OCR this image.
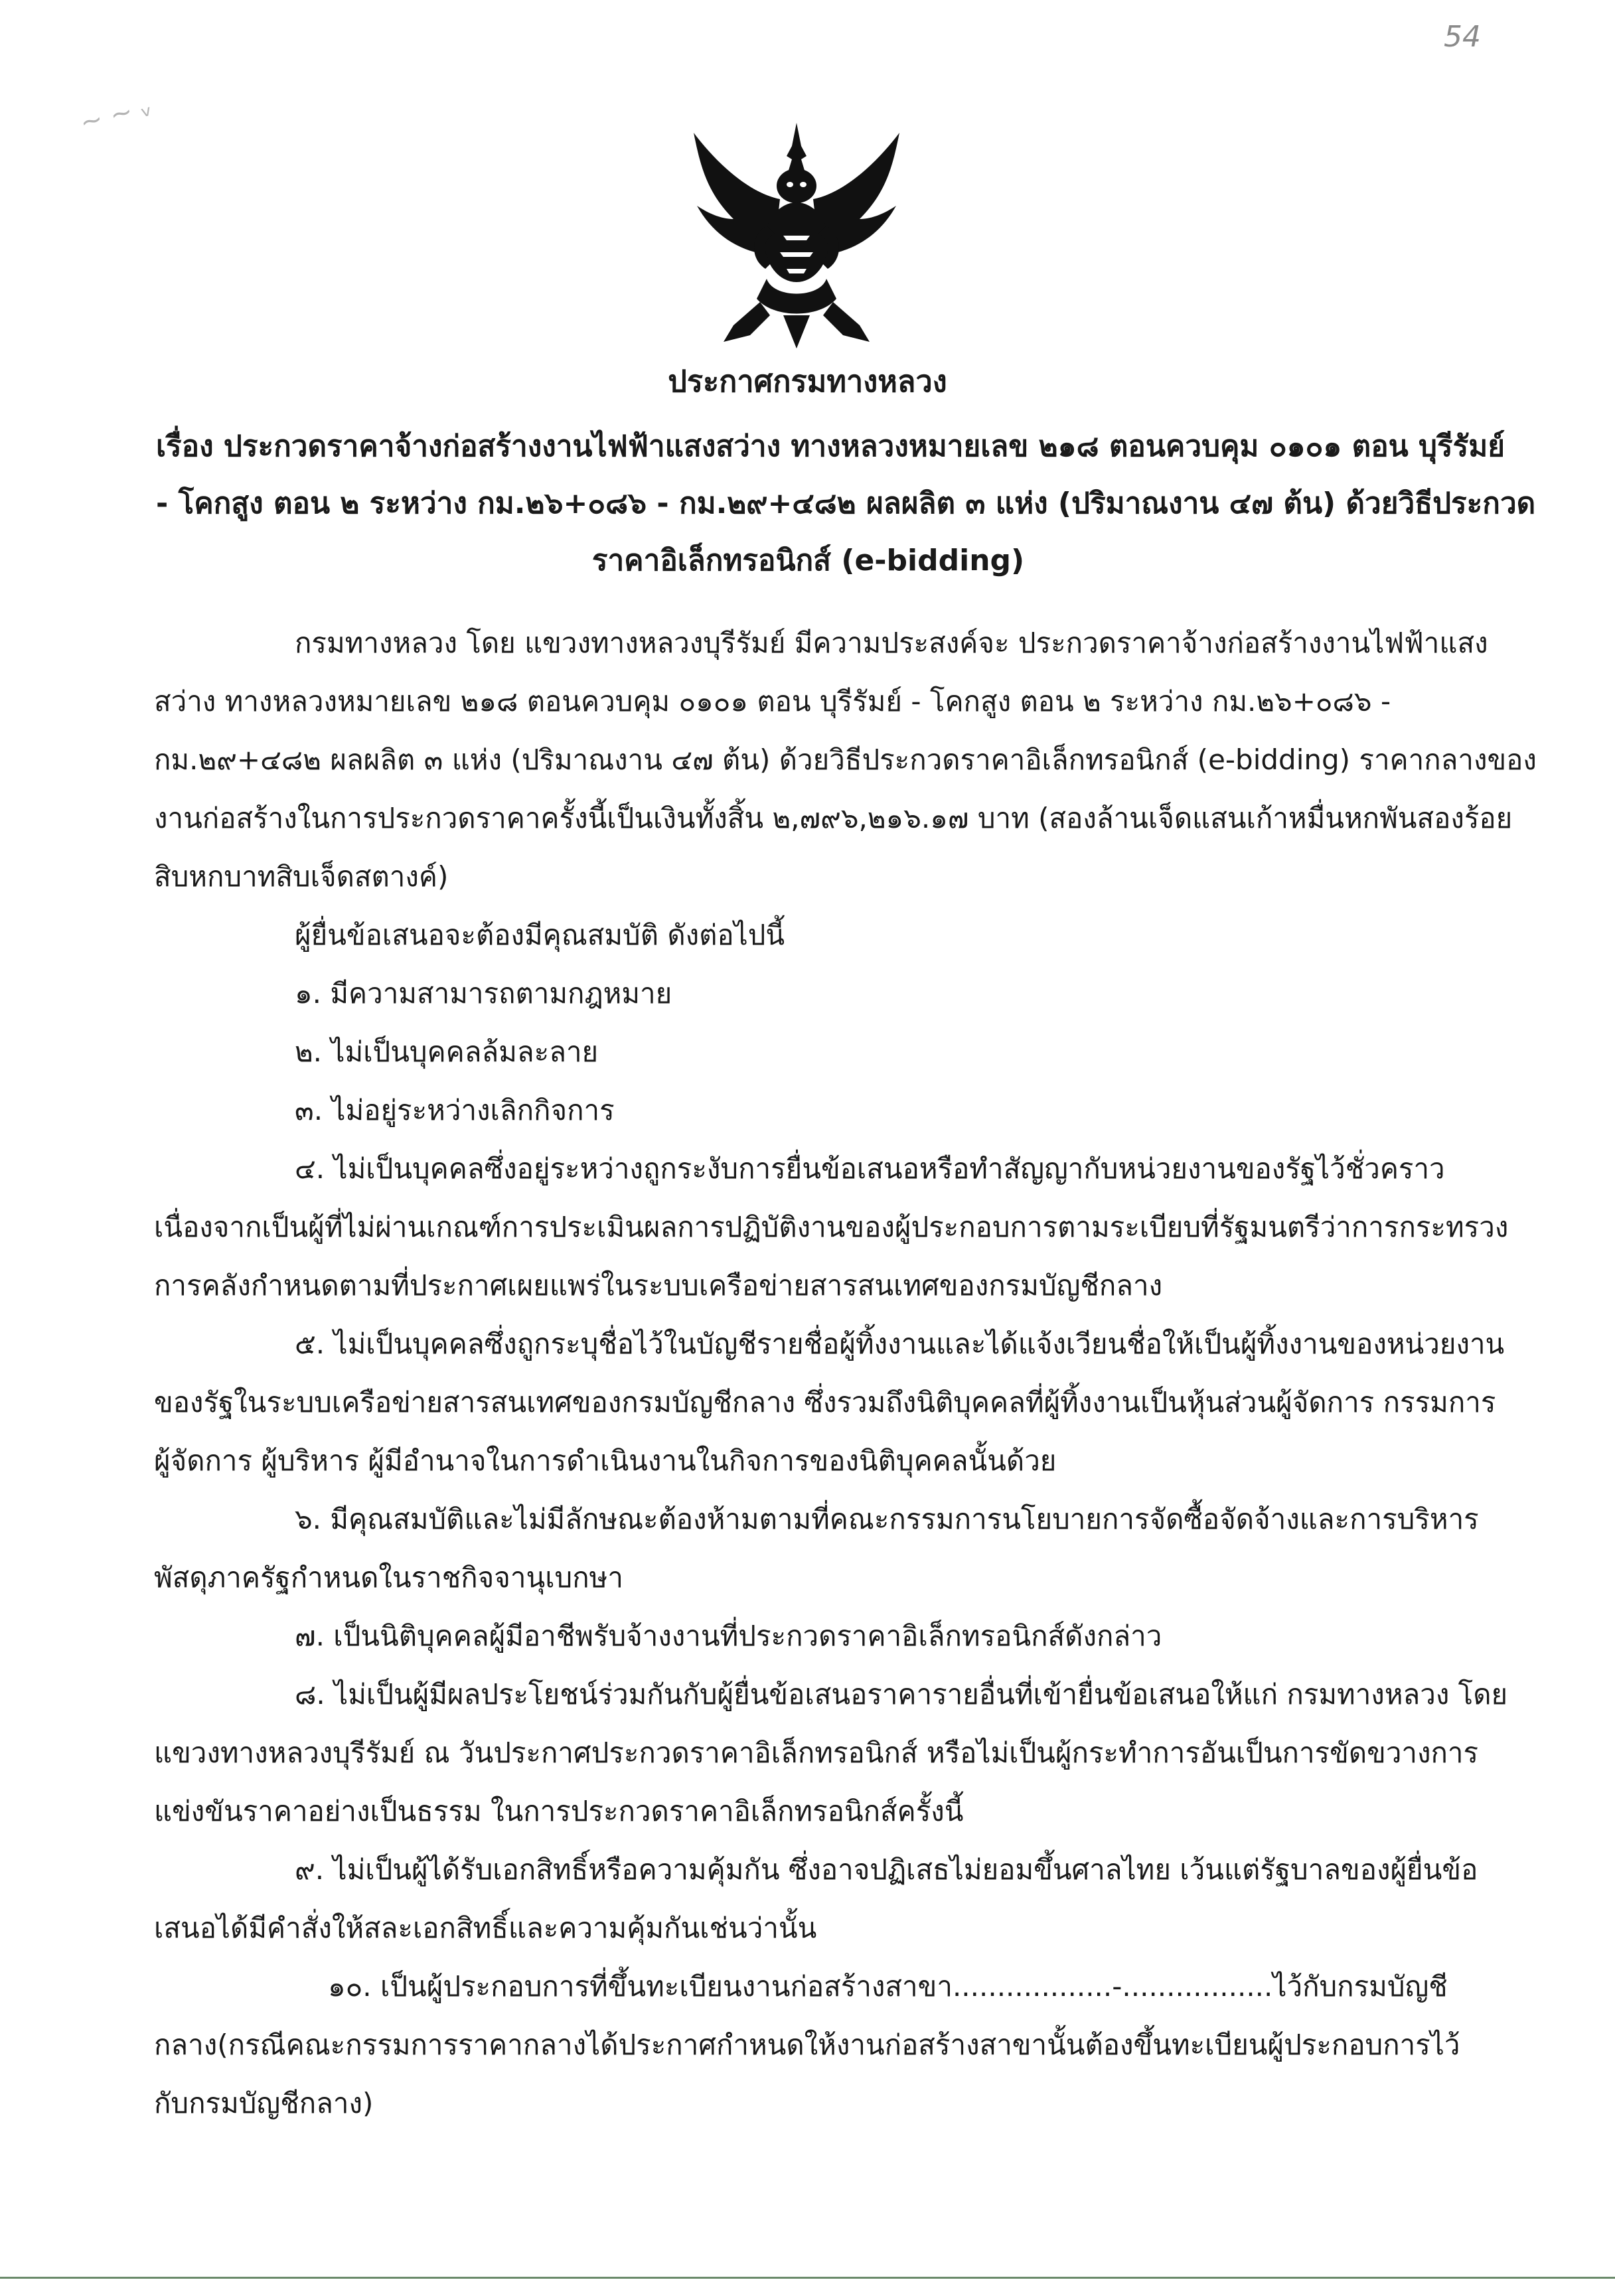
54
~ ~ ᵥ
ประกาศกรมทางหลวง
เรื่อง ประกวดราคาจ้างก่อสร้างงานไฟฟ้าแสงสว่าง ทางหลวงหมายเลข ๒๑๘ ตอนควบคุม ๐๑๐๑ ตอน บุรีรัมย์
- โคกสูง ตอน ๒ ระหว่าง กม.๒๖+๐๘๖ - กม.๒๙+๔๘๒ ผลผลิต ๓ แห่ง (ปริมาณงาน ๔๗ ต้น) ด้วยวิธีประกวด
ราคาอิเล็กทรอนิกส์ (e-bidding)
กรมทางหลวง โดย แขวงทางหลวงบุรีรัมย์ มีความประสงค์จะ ประกวดราคาจ้างก่อสร้างงานไฟฟ้าแสง
สว่าง ทางหลวงหมายเลข ๒๑๘ ตอนควบคุม ๐๑๐๑ ตอน บุรีรัมย์ - โคกสูง ตอน ๒ ระหว่าง กม.๒๖+๐๘๖ -
กม.๒๙+๔๘๒ ผลผลิต ๓ แห่ง (ปริมาณงาน ๔๗ ต้น) ด้วยวิธีประกวดราคาอิเล็กทรอนิกส์ (e-bidding) ราคากลางของ
งานก่อสร้างในการประกวดราคาครั้งนี้เป็นเงินทั้งสิ้น ๒,๗๙๖,๒๑๖.๑๗ บาท (สองล้านเจ็ดแสนเก้าหมื่นหกพันสองร้อย
สิบหกบาทสิบเจ็ดสตางค์)
ผู้ยื่นข้อเสนอจะต้องมีคุณสมบัติ ดังต่อไปนี้
๑. มีความสามารถตามกฎหมาย
๒. ไม่เป็นบุคคลล้มละลาย
๓. ไม่อยู่ระหว่างเลิกกิจการ
๔. ไม่เป็นบุคคลซึ่งอยู่ระหว่างถูกระงับการยื่นข้อเสนอหรือทำสัญญากับหน่วยงานของรัฐไว้ชั่วคราว
เนื่องจากเป็นผู้ที่ไม่ผ่านเกณฑ์การประเมินผลการปฏิบัติงานของผู้ประกอบการตามระเบียบที่รัฐมนตรีว่าการกระทรวง
การคลังกำหนดตามที่ประกาศเผยแพร่ในระบบเครือข่ายสารสนเทศของกรมบัญชีกลาง
๕. ไม่เป็นบุคคลซึ่งถูกระบุชื่อไว้ในบัญชีรายชื่อผู้ทิ้งงานและได้แจ้งเวียนชื่อให้เป็นผู้ทิ้งงานของหน่วยงาน
ของรัฐในระบบเครือข่ายสารสนเทศของกรมบัญชีกลาง ซึ่งรวมถึงนิติบุคคลที่ผู้ทิ้งงานเป็นหุ้นส่วนผู้จัดการ กรรมการ
ผู้จัดการ ผู้บริหาร ผู้มีอำนาจในการดำเนินงานในกิจการของนิติบุคคลนั้นด้วย
๖. มีคุณสมบัติและไม่มีลักษณะต้องห้ามตามที่คณะกรรมการนโยบายการจัดซื้อจัดจ้างและการบริหาร
พัสดุภาครัฐกำหนดในราชกิจจานุเบกษา
๗. เป็นนิติบุคคลผู้มีอาชีพรับจ้างงานที่ประกวดราคาอิเล็กทรอนิกส์ดังกล่าว
๘. ไม่เป็นผู้มีผลประโยชน์ร่วมกันกับผู้ยื่นข้อเสนอราคารายอื่นที่เข้ายื่นข้อเสนอให้แก่ กรมทางหลวง โดย
แขวงทางหลวงบุรีรัมย์ ณ วันประกาศประกวดราคาอิเล็กทรอนิกส์ หรือไม่เป็นผู้กระทำการอันเป็นการขัดขวางการ
แข่งขันราคาอย่างเป็นธรรม ในการประกวดราคาอิเล็กทรอนิกส์ครั้งนี้
๙. ไม่เป็นผู้ได้รับเอกสิทธิ์หรือความคุ้มกัน ซึ่งอาจปฏิเสธไม่ยอมขึ้นศาลไทย เว้นแต่รัฐบาลของผู้ยื่นข้อ
เสนอได้มีคำสั่งให้สละเอกสิทธิ์และความคุ้มกันเช่นว่านั้น
๑๐. เป็นผู้ประกอบการที่ขึ้นทะเบียนงานก่อสร้างสาขา..................-.................ไว้กับกรมบัญชี
กลาง(กรณีคณะกรรมการราคากลางได้ประกาศกำหนดให้งานก่อสร้างสาขานั้นต้องขึ้นทะเบียนผู้ประกอบการไว้
กับกรมบัญชีกลาง)
